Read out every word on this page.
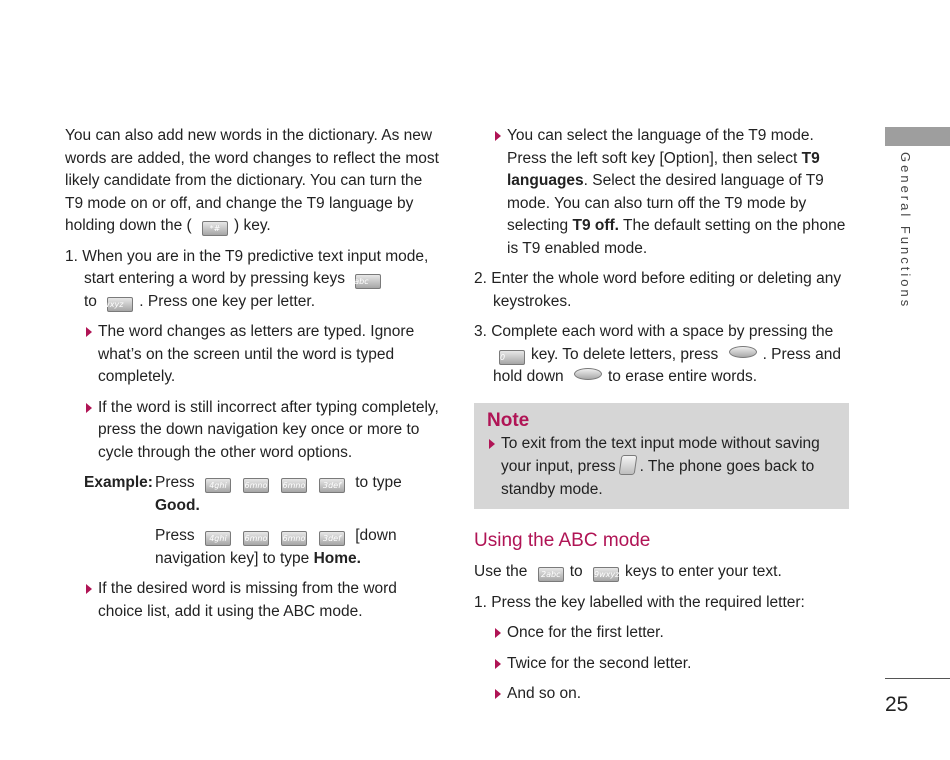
You can also add new words in the dictionary. As new words are added, the word changes to reflect the most likely candidate from the dictionary. You can turn the T9 mode on or off, and change the T9 language by holding down the ( *# ) key.

1. When you are in the T9 predictive text input mode, start entering a word by pressing keys 2abc
to 9wxyz . Press one key per letter.

The word changes as letters are typed. Ignore what’s on the screen until the word is typed completely.

If the word is still incorrect after typing completely, press the down navigation key once or more to cycle through the other word options.

Example: Press 4ghi 6mno 6mno 3def to type
Good.
Press 4ghi 6mno 6mno 3def [down navigation key] to type Home.

If the desired word is missing from the word choice list, add it using the ABC mode.

You can select the language of the T9 mode. Press the left soft key [Option], then select T9 languages. Select the desired language of T9 mode. You can also turn off the T9 mode by selecting T9 off. The default setting on the phone is T9 enabled mode.

2. Enter the whole word before editing or deleting any keystrokes.

3. Complete each word with a space by pressing the 0 key. To delete letters, press	. Press and hold down	to erase entire words.

Note

To exit from the text input mode without saving your input, press . The phone goes back to standby mode.

Using the ABC mode

Use the 2abc to 9wxyz keys to enter your text.

1. Press the key labelled with the required letter:

Once for the first letter.

Twice for the second letter.

And so on.

General Functions
25
